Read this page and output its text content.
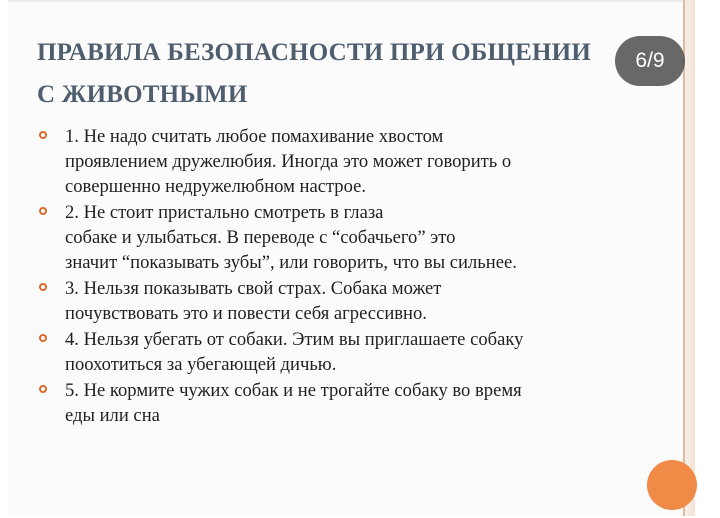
ПРАВИЛА БЕЗОПАСНОСТИ ПРИ ОБЩЕНИИ
С ЖИВОТНЫМИ
1. Не надо считать любое помахивание хвостом
проявлением дружелюбия. Иногда это может говорить о
совершенно недружелюбном настрое.
2. Не стоит пристально смотреть в глаза
собаке и улыбаться. В переводе с “собачьего” это
значит “показывать зубы”, или говорить, что вы сильнее.
3. Нельзя показывать свой страх. Собака может
почувствовать это и повести себя агрессивно.
4. Нельзя убегать от собаки. Этим вы приглашаете собаку
поохотиться за убегающей дичью.
5. Не кормите чужих собак и не трогайте собаку во время
еды или сна
6/9
